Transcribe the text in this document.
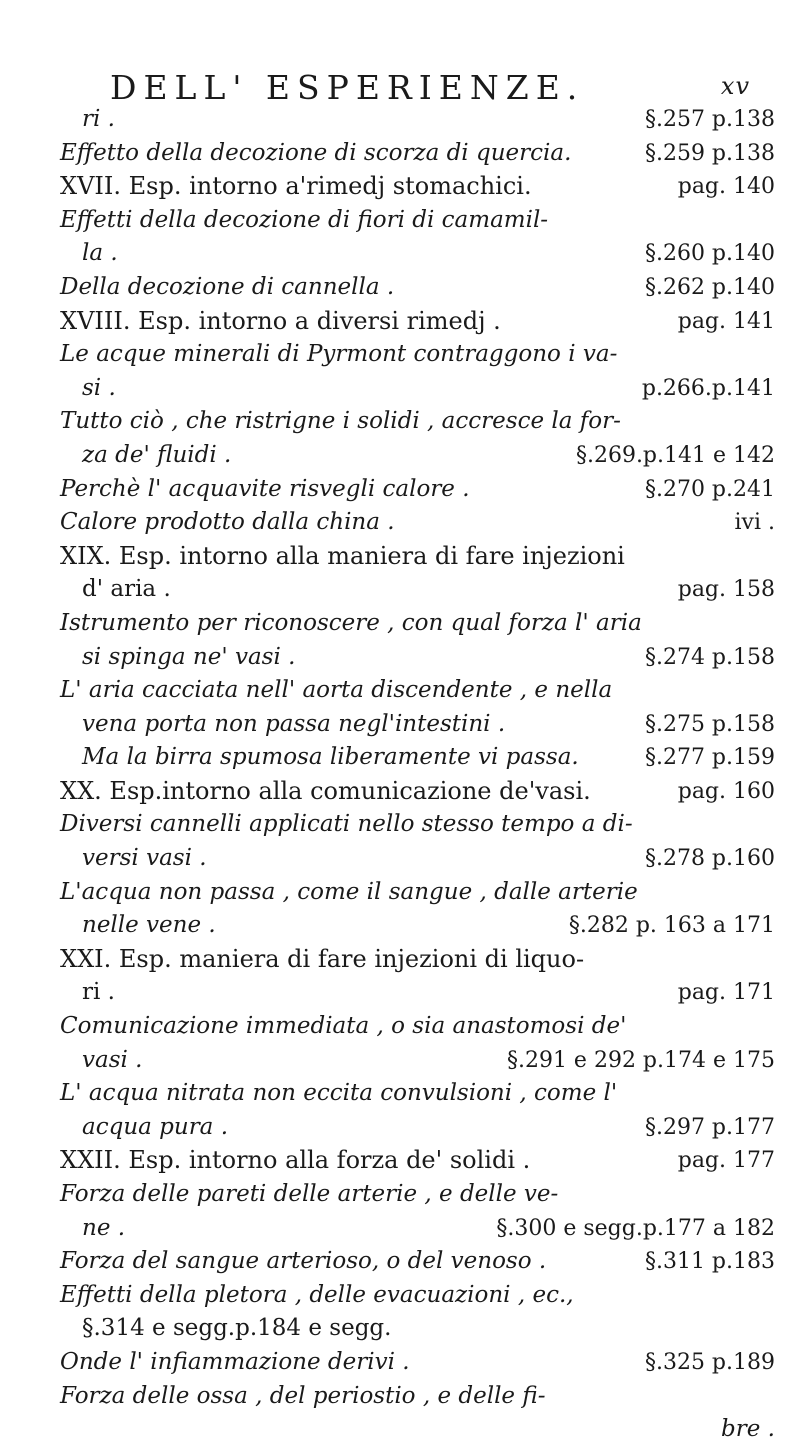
DELL' ESPERIENZE.	xv
ri .	§.257 p.138
Effetto della decozione di scorza di quercia.	§.259 p.138
XVII. Esp. intorno a'rimedj stomachici.	pag. 140
Effetti della decozione di fiori di camamil-
la .	§.260 p.140
Della decozione di cannella .	§.262 p.140
XVIII. Esp. intorno a diversi rimedj .	pag. 141
Le acque minerali di Pyrmont contraggono i va-
si .	p.266.p.141
Tutto ciò , che ristrigne i solidi , accresce la for-
za de' fluidi .	§.269.p.141 e 142
Perchè l' acquavite risvegli calore .	§.270 p.241
Calore prodotto dalla china .	ivi .
XIX. Esp. intorno alla maniera di fare injezioni
d' aria .	pag. 158
Istrumento per riconoscere , con qual forza l' aria
si spinga ne' vasi .	§.274 p.158
L' aria cacciata nell' aorta discendente , e nella
vena porta non passa negl'intestini .	§.275 p.158
Ma la birra spumosa liberamente vi passa.	§.277 p.159
XX. Esp.intorno alla comunicazione de'vasi.	pag. 160
Diversi cannelli applicati nello stesso tempo a di-
versi vasi .	§.278 p.160
L'acqua non passa , come il sangue , dalle arterie
nelle vene .	§.282 p. 163 a 171
XXI. Esp. maniera di fare injezioni di liquo-
ri .	pag. 171
Comunicazione immediata , o sia anastomosi de'
vasi .	§.291 e 292 p.174 e 175
L' acqua nitrata non eccita convulsioni , come l'
acqua pura .	§.297 p.177
XXII. Esp. intorno alla forza de' solidi .	pag. 177
Forza delle pareti delle arterie , e delle ve-
ne .	§.300 e segg.p.177 a 182
Forza del sangue arterioso, o del venoso .	§.311 p.183
Effetti della pletora , delle evacuazioni , ec.,
§.314 e segg.p.184 e segg.
Onde l' infiammazione derivi .	§.325 p.189
Forza delle ossa , del periostio , e delle fi-
bre .
